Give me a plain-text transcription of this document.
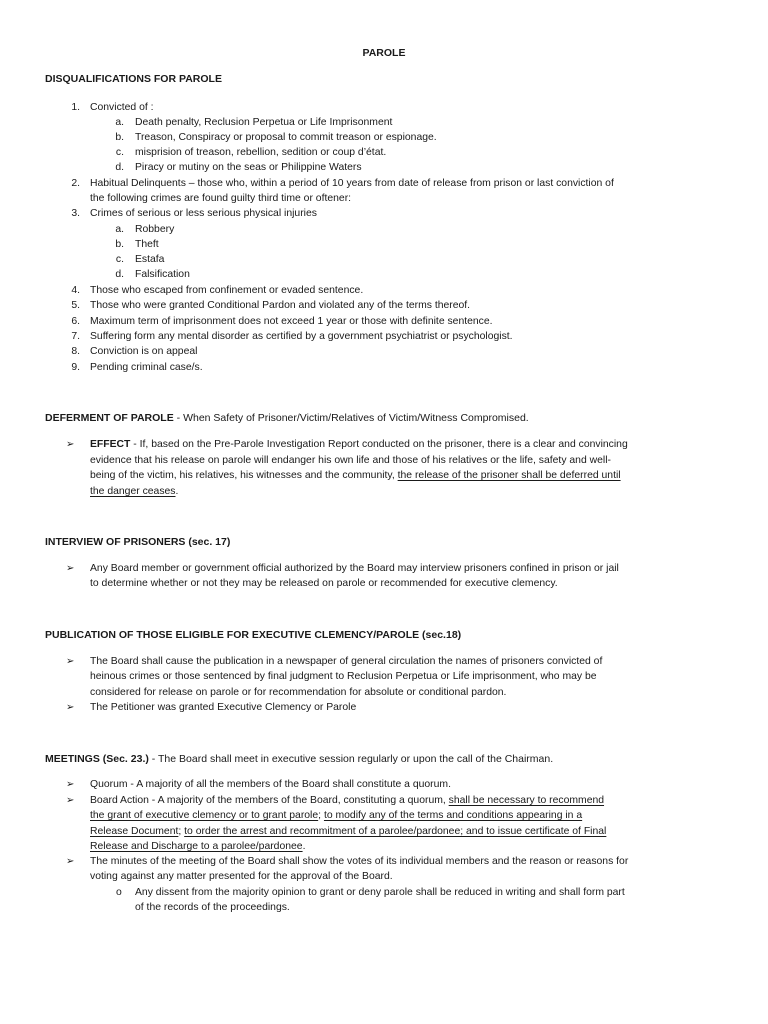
PAROLE
DISQUALIFICATIONS FOR PAROLE
1. Convicted of :
a. Death penalty, Reclusion Perpetua or Life Imprisonment
b. Treason, Conspiracy or proposal to commit treason or espionage.
c. misprision of treason, rebellion, sedition or coup d’état.
d. Piracy or mutiny on the seas or Philippine Waters
2. Habitual Delinquents – those who, within a period of 10 years from date of release from prison or last conviction of
the following crimes are found guilty third time or oftener:
3. Crimes of serious or less serious physical injuries
a. Robbery
b. Theft
c. Estafa
d. Falsification
4. Those who escaped from confinement or evaded sentence.
5. Those who were granted Conditional Pardon and violated any of the terms thereof.
6. Maximum term of imprisonment does not exceed 1 year or those with definite sentence.
7. Suffering form any mental disorder as certified by a government psychiatrist or psychologist.
8. Conviction is on appeal
9. Pending criminal case/s.
DEFERMENT OF PAROLE - When Safety of Prisoner/Victim/Relatives of Victim/Witness Compromised.
➢ EFFECT - If, based on the Pre-Parole Investigation Report conducted on the prisoner, there is a clear and convincing
evidence that his release on parole will endanger his own life and those of his relatives or the life, safety and well-
being of the victim, his relatives, his witnesses and the community, the release of the prisoner shall be deferred until
the danger ceases.
INTERVIEW OF PRISONERS (sec. 17)
➢ Any Board member or government official authorized by the Board may interview prisoners confined in prison or jail
to determine whether or not they may be released on parole or recommended for executive clemency.
PUBLICATION OF THOSE ELIGIBLE FOR EXECUTIVE CLEMENCY/PAROLE (sec.18)
➢ The Board shall cause the publication in a newspaper of general circulation the names of prisoners convicted of
heinous crimes or those sentenced by final judgment to Reclusion Perpetua or Life imprisonment, who may be
considered for release on parole or for recommendation for absolute or conditional pardon.
➢ The Petitioner was granted Executive Clemency or Parole
MEETINGS (Sec. 23.) - The Board shall meet in executive session regularly or upon the call of the Chairman.
➢ Quorum - A majority of all the members of the Board shall constitute a quorum.
➢ Board Action - A majority of the members of the Board, constituting a quorum, shall be necessary to recommend
the grant of executive clemency or to grant parole; to modify any of the terms and conditions appearing in a
Release Document; to order the arrest and recommitment of a parolee/pardonee; and to issue certificate of Final
Release and Discharge to a parolee/pardonee.
➢ The minutes of the meeting of the Board shall show the votes of its individual members and the reason or reasons for
voting against any matter presented for the approval of the Board.
o Any dissent from the majority opinion to grant or deny parole shall be reduced in writing and shall form part
of the records of the proceedings.
